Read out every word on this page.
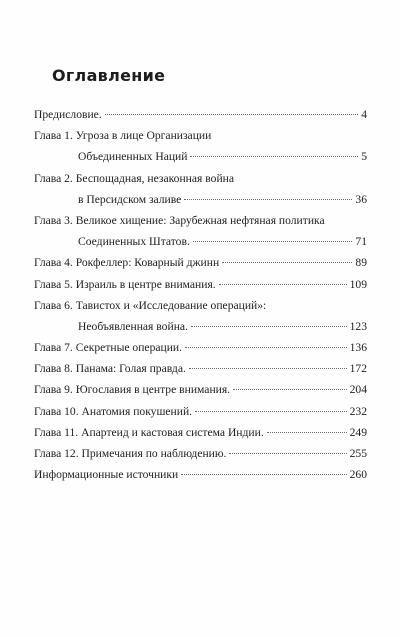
Оглавление
Предисловие.	4
Глава 1. Угроза в лице Организации
Объединенных Наций	5
Глава 2. Беспощадная, незаконная война
в Персидском заливе	36
Глава 3. Великое хищение: Зарубежная нефтяная политика
Соединенных Штатов.	71
Глава 4. Рокфеллер: Коварный джинн	89
Глава 5. Израиль в центре внимания.	109
Глава 6. Тавистох и «Исследование операций»:
Необъявленная война.	123
Глава 7. Секретные операции.	136
Глава 8. Панама: Голая правда.	172
Глава 9. Югославия в центре внимания.	204
Глава 10. Анатомия покушений.	232
Глава 11. Апартеид и кастовая система Индии.	249
Глава 12. Примечания по наблюдению.	255
Информационные источники	260
